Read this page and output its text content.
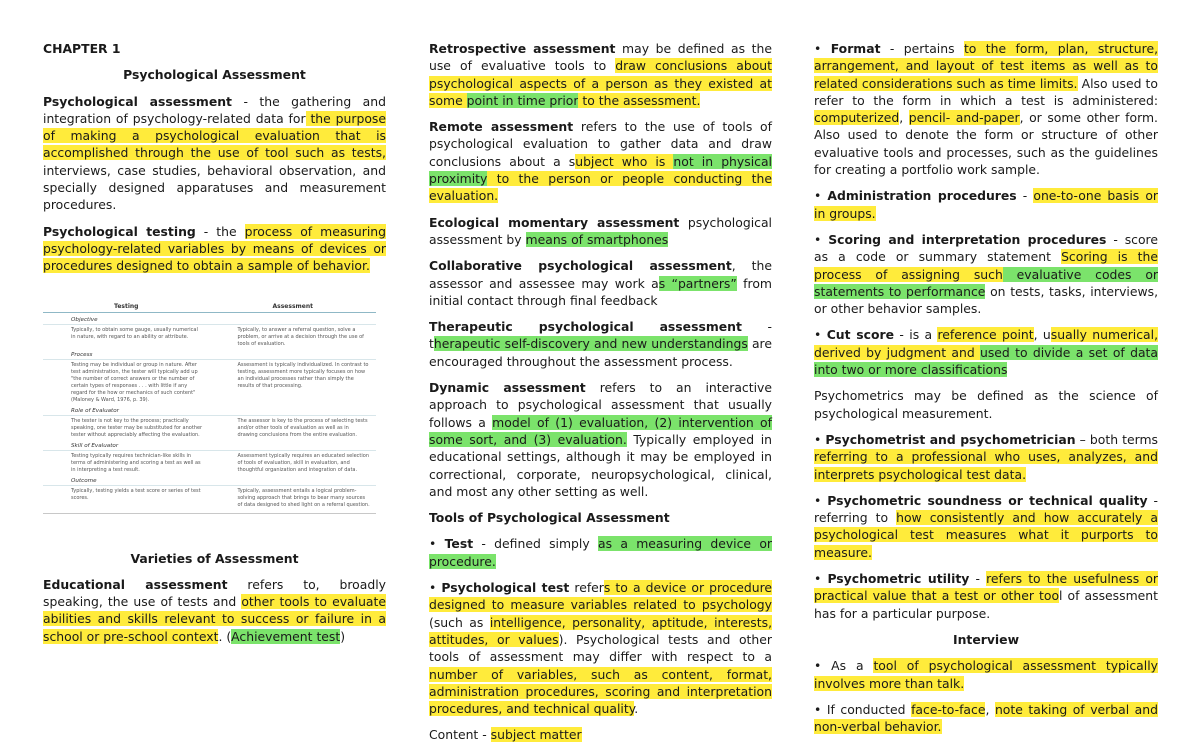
CHAPTER 1

Psychological Assessment

Psychological assessment - the gathering and integration of psychology-related data for the purpose of making a psychological evaluation that is accomplished through the use of tool such as tests, interviews, case studies, behavioral observation, and specially designed apparatuses and measurement procedures.

Psychological testing - the process of measuring psychology-related variables by means of devices or procedures designed to obtain a sample of behavior.

Testing	Assessment
Objective
Typically, to obtain some gauge, usually numerical in nature, with regard to an ability or attribute.
Typically, to answer a referral question, solve a problem, or arrive at a decision through the use of tools of evaluation.
Process
Testing may be individual or group in nature. After test administration, the tester will typically add up "the number of correct answers or the number of certain types of responses . . . with little if any regard for the how or mechanics of such content" (Maloney & Ward, 1976, p. 39).
Assessment is typically individualized. In contrast to testing, assessment more typically focuses on how an individual processes rather than simply the results of that processing.
Role of Evaluator
The tester is not key to the process; practically speaking, one tester may be substituted for another tester without appreciably affecting the evaluation.
The assessor is key to the process of selecting tests and/or other tools of evaluation as well as in drawing conclusions from the entire evaluation.
Skill of Evaluator
Testing typically requires technician-like skills in terms of administering and scoring a test as well as in interpreting a test result.
Assessment typically requires an educated selection of tools of evaluation, skill in evaluation, and thoughtful organization and integration of data.
Outcome
Typically, testing yields a test score or series of test scores.
Typically, assessment entails a logical problem-solving approach that brings to bear many sources of data designed to shed light on a referral question.

Varieties of Assessment

Educational assessment refers to, broadly speaking, the use of tests and other tools to evaluate abilities and skills relevant to success or failure in a school or pre-school context. (Achievement test)

Retrospective assessment may be defined as the use of evaluative tools to draw conclusions about psychological aspects of a person as they existed at some point in time prior to the assessment.

Remote assessment refers to the use of tools of psychological evaluation to gather data and draw conclusions about a subject who is not in physical proximity to the person or people conducting the evaluation.

Ecological momentary assessment psychological assessment by means of smartphones

Collaborative psychological assessment, the assessor and assessee may work as “partners” from initial contact through final feedback

Therapeutic psychological assessment - therapeutic self-discovery and new understandings are encouraged throughout the assessment process.

Dynamic assessment refers to an interactive approach to psychological assessment that usually follows a model of (1) evaluation, (2) intervention of some sort, and (3) evaluation. Typically employed in educational settings, although it may be employed in correctional, corporate, neuropsychological, clinical, and most any other setting as well.

Tools of Psychological Assessment

• Test - defined simply as a measuring device or procedure.

• Psychological test refers to a device or procedure designed to measure variables related to psychology (such as intelligence, personality, aptitude, interests, attitudes, or values). Psychological tests and other tools of assessment may differ with respect to a number of variables, such as content, format, administration procedures, scoring and interpretation procedures, and technical quality.

Content - subject matter

• Format - pertains to the form, plan, structure, arrangement, and layout of test items as well as to related considerations such as time limits. Also used to refer to the form in which a test is administered: computerized, pencil- and-paper, or some other form. Also used to denote the form or structure of other evaluative tools and processes, such as the guidelines for creating a portfolio work sample.

• Administration procedures - one-to-one basis or in groups.

• Scoring and interpretation procedures - score as a code or summary statement Scoring is the process of assigning such evaluative codes or statements to performance on tests, tasks, interviews, or other behavior samples.

• Cut score - is a reference point, usually numerical, derived by judgment and used to divide a set of data into two or more classifications

Psychometrics may be defined as the science of psychological measurement.

• Psychometrist and psychometrician – both terms referring to a professional who uses, analyzes, and interprets psychological test data.

• Psychometric soundness or technical quality - referring to how consistently and how accurately a psychological test measures what it purports to measure.

• Psychometric utility - refers to the usefulness or practical value that a test or other tool of assessment has for a particular purpose.

Interview

• As a tool of psychological assessment typically involves more than talk.

• If conducted face-to-face, note taking of verbal and non-verbal behavior.
